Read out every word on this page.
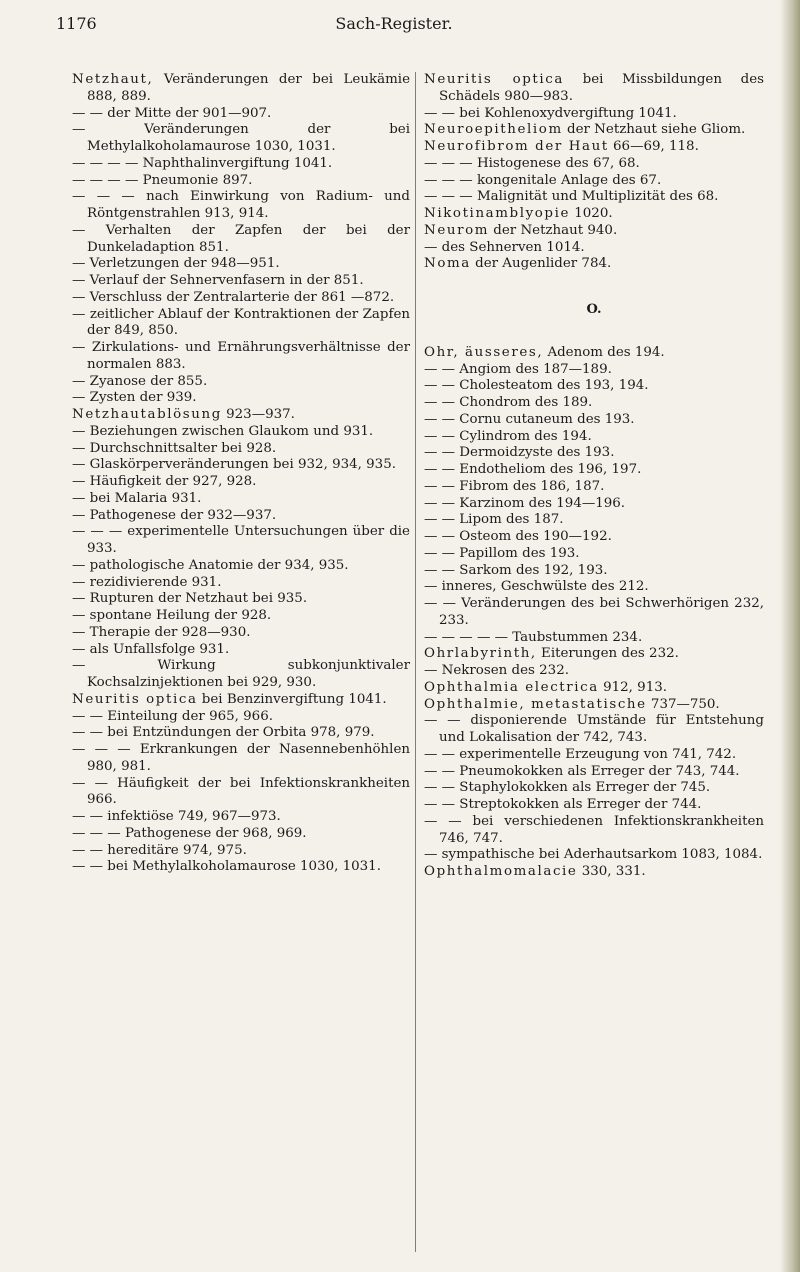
1176	Sach-Register.
Netzhaut, Veränderungen der bei Leukämie 888, 889.
— — der Mitte der 901—907.
— Veränderungen der bei Methylalkoholamaurose 1030, 1031.
— — — — Naphthalinvergiftung 1041.
— — — — Pneumonie 897.
— — — nach Einwirkung von Radium- und Röntgenstrahlen 913, 914.
— Verhalten der Zapfen der bei der Dunkeladaption 851.
— Verletzungen der 948—951.
— Verlauf der Sehnervenfasern in der 851.
— Verschluss der Zentralarterie der 861 —872.
— zeitlicher Ablauf der Kontraktionen der Zapfen der 849, 850.
— Zirkulations- und Ernährungsverhältnisse der normalen 883.
— Zyanose der 855.
— Zysten der 939.
Netzhautablösung 923—937.
— Beziehungen zwischen Glaukom und 931.
— Durchschnittsalter bei 928.
— Glaskörperveränderungen bei 932, 934, 935.
— Häufigkeit der 927, 928.
— bei Malaria 931.
— Pathogenese der 932—937.
— — — experimentelle Untersuchungen über die 933.
— pathologische Anatomie der 934, 935.
— rezidivierende 931.
— Rupturen der Netzhaut bei 935.
— spontane Heilung der 928.
— Therapie der 928—930.
— als Unfallsfolge 931.
— Wirkung subkonjunktivaler Kochsalzinjektionen bei 929, 930.
Neuritis optica bei Benzinvergiftung 1041.
— — Einteilung der 965, 966.
— — bei Entzündungen der Orbita 978, 979.
— — — Erkrankungen der Nasennebenhöhlen 980, 981.
— — Häufigkeit der bei Infektionskrankheiten 966.
— — infektiöse 749, 967—973.
— — — Pathogenese der 968, 969.
— — hereditäre 974, 975.
— — bei Methylalkoholamaurose 1030, 1031.
Neuritis optica bei Missbildungen des Schädels 980—983.
— — bei Kohlenoxydvergiftung 1041.
Neuroepitheliom der Netzhaut siehe Gliom.
Neurofibrom der Haut 66—69, 118.
— — — Histogenese des 67, 68.
— — — kongenitale Anlage des 67.
— — — Malignität und Multiplizität des 68.
Nikotinamblyopie 1020.
Neurom der Netzhaut 940.
— des Sehnerven 1014.
Noma der Augenlider 784.
O.
Ohr, äusseres, Adenom des 194.
— — Angiom des 187—189.
— — Cholesteatom des 193, 194.
— — Chondrom des 189.
— — Cornu cutaneum des 193.
— — Cylindrom des 194.
— — Dermoidzyste des 193.
— — Endotheliom des 196, 197.
— — Fibrom des 186, 187.
— — Karzinom des 194—196.
— — Lipom des 187.
— — Osteom des 190—192.
— — Papillom des 193.
— — Sarkom des 192, 193.
— inneres, Geschwülste des 212.
— — Veränderungen des bei Schwerhörigen 232, 233.
— — — — — Taubstummen 234.
Ohrlabyrinth, Eiterungen des 232.
— Nekrosen des 232.
Ophthalmia electrica 912, 913.
Ophthalmie, metastatische 737—750.
— — disponierende Umstände für Entstehung und Lokalisation der 742, 743.
— — experimentelle Erzeugung von 741, 742.
— — Pneumokokken als Erreger der 743, 744.
— — Staphylokokken als Erreger der 745.
— — Streptokokken als Erreger der 744.
— — bei verschiedenen Infektionskrankheiten 746, 747.
— sympathische bei Aderhautsarkom 1083, 1084.
Ophthalmomalacie 330, 331.
